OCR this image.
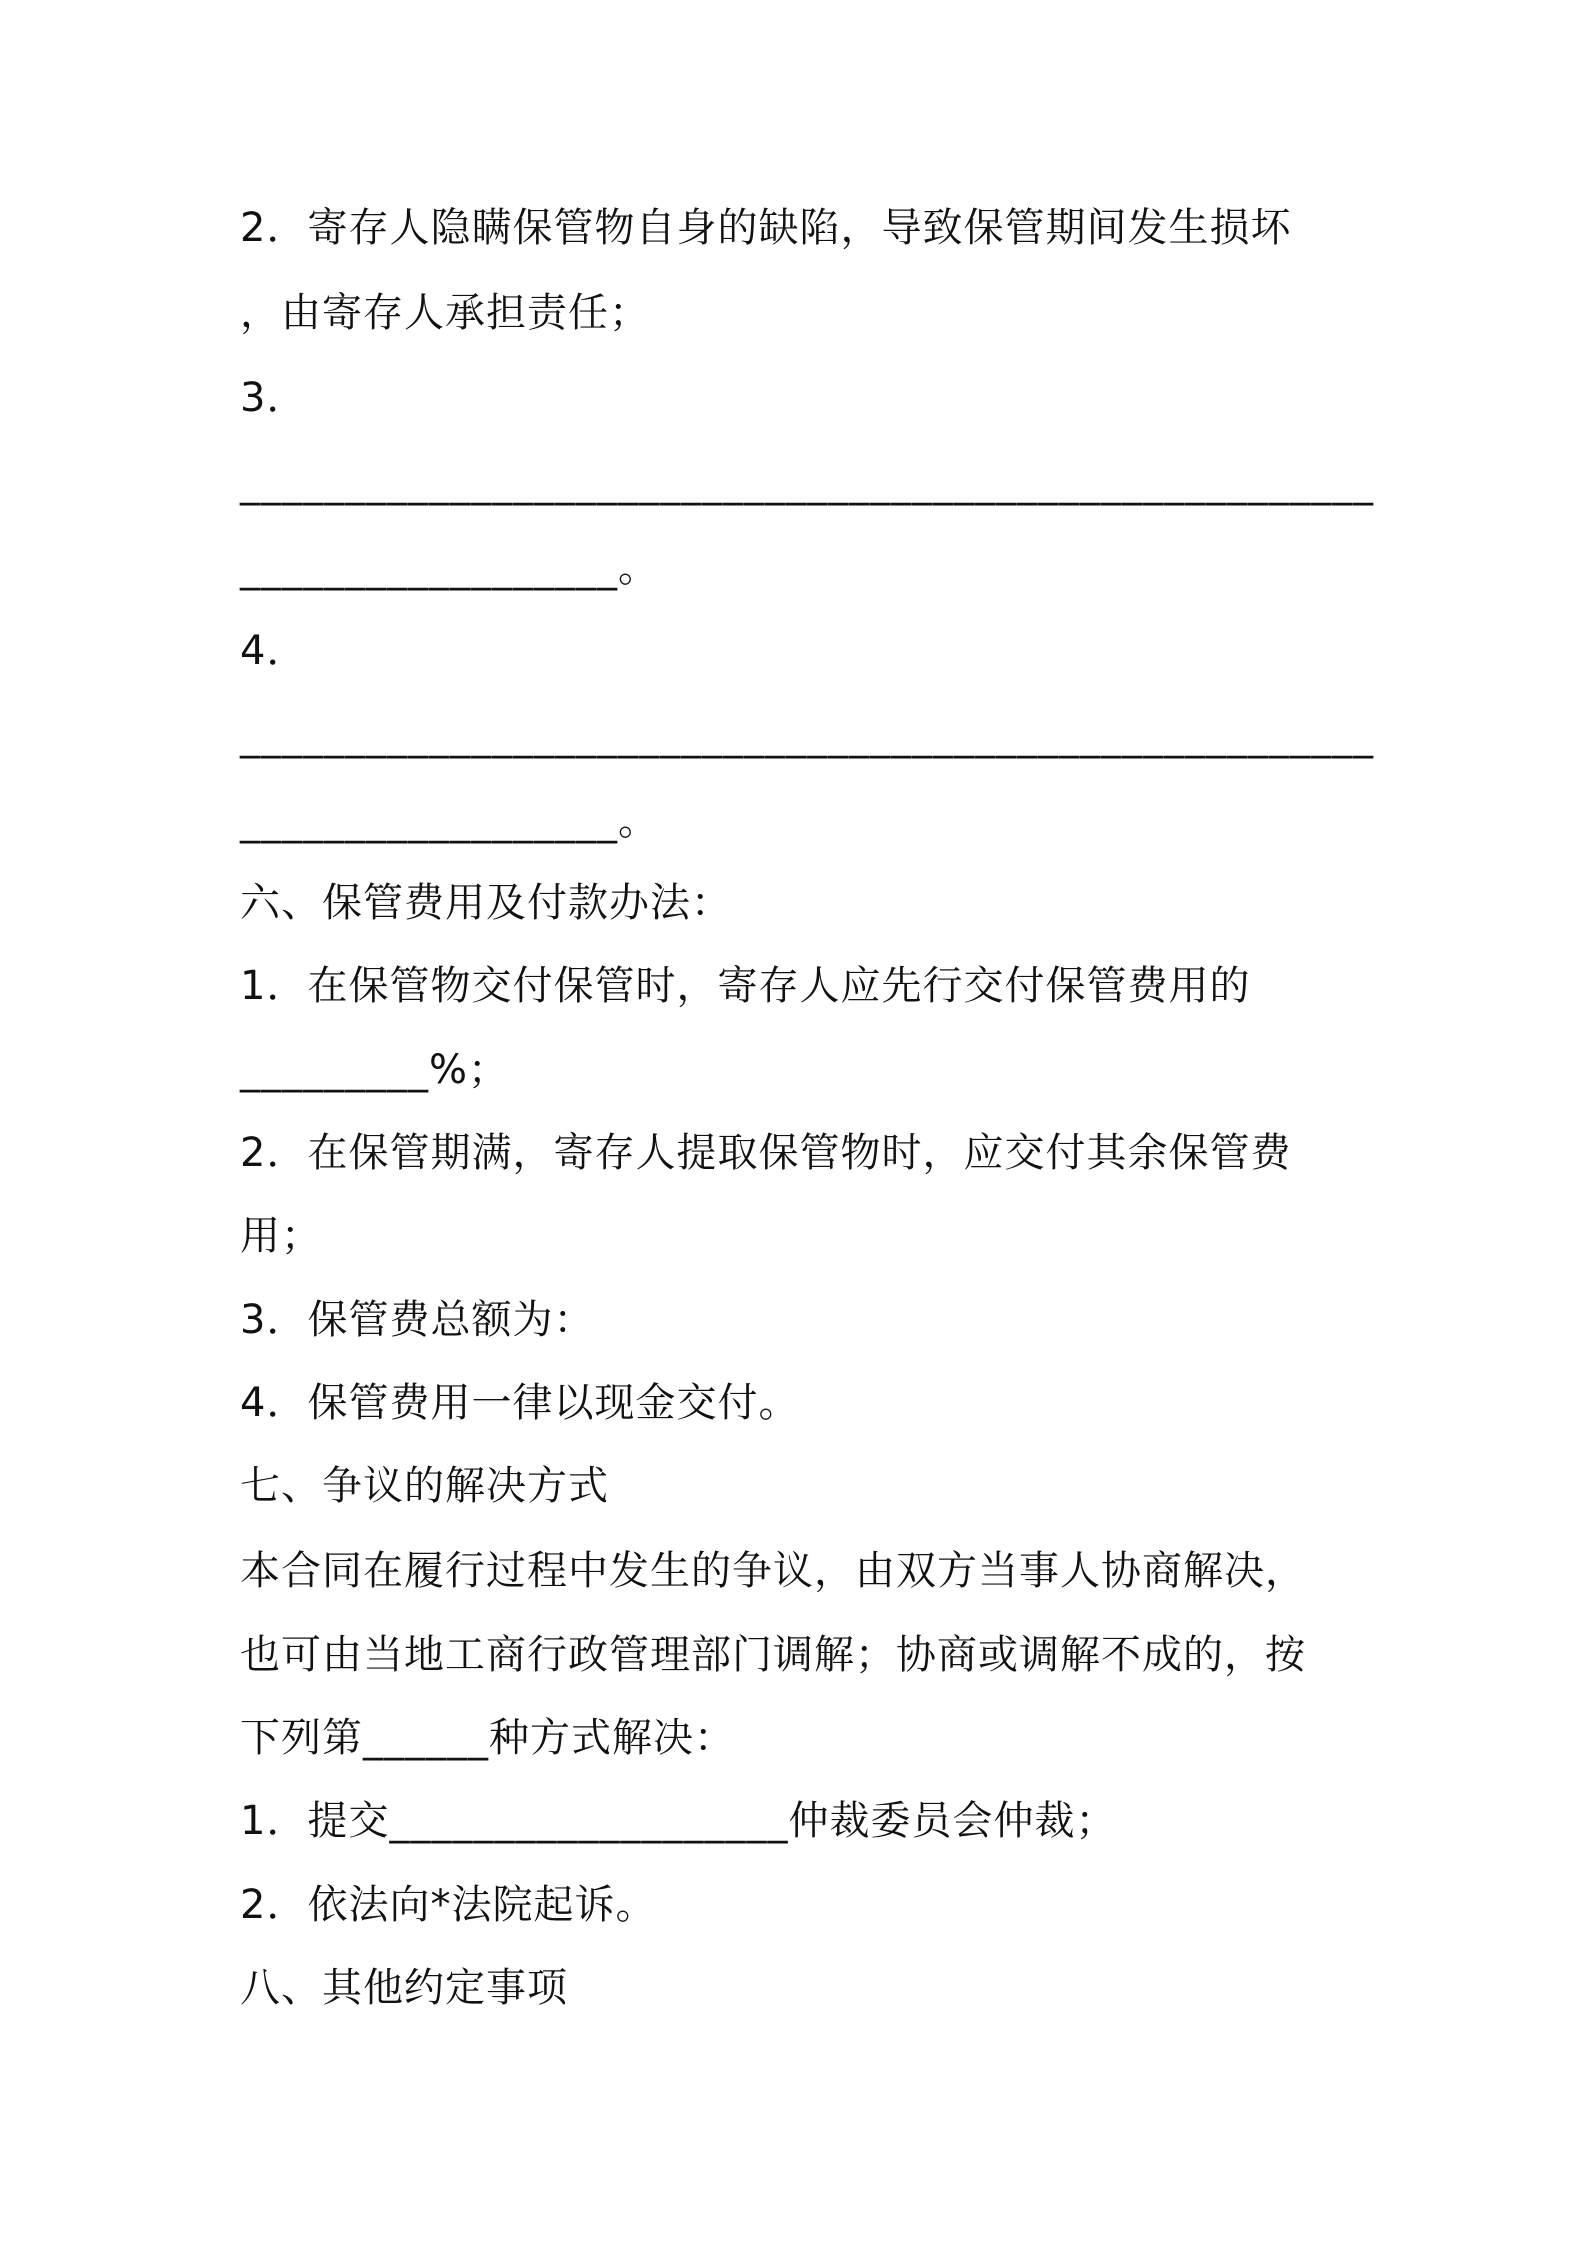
2．寄存人隐瞒保管物自身的缺陷，导致保管期间发生损坏
，由寄存人承担责任；
3．
______________________________________________________
__________________。
4．
______________________________________________________
__________________。
六、保管费用及付款办法：
1．在保管物交付保管时，寄存人应先行交付保管费用的
_________%；
2．在保管期满，寄存人提取保管物时，应交付其余保管费
用；
3．保管费总额为：
4．保管费用一律以现金交付。
七、争议的解决方式
本合同在履行过程中发生的争议，由双方当事人协商解决，
也可由当地工商行政管理部门调解；协商或调解不成的，按
下列第______种方式解决：
1．提交___________________仲裁委员会仲裁；
2．依法向*法院起诉。
八、其他约定事项
